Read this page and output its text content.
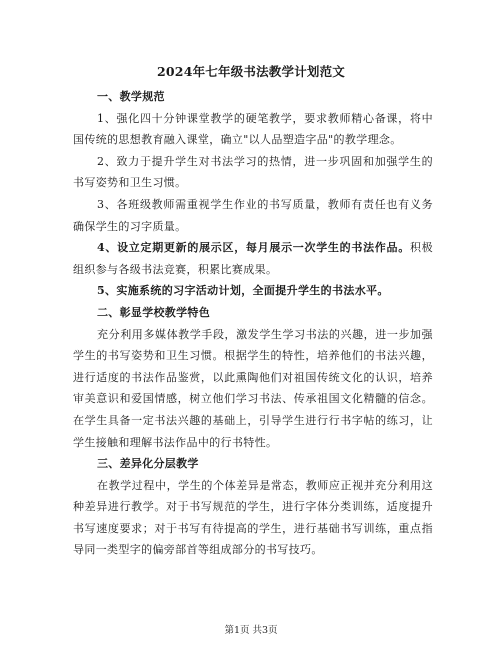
2024年七年级书法教学计划范文

一、教学规范

1、强化四十分钟课堂教学的硬笔教学，要求教师精心备课，将中国传统的思想教育融入课堂，确立"以人品塑造字品"的教学理念。

2、致力于提升学生对书法学习的热情，进一步巩固和加强学生的书写姿势和卫生习惯。

3、各班级教师需重视学生作业的书写质量，教师有责任也有义务确保学生的习字质量。

4、设立定期更新的展示区，每月展示一次学生的书法作品。积极组织参与各级书法竞赛，积累比赛成果。

5、实施系统的习字活动计划，全面提升学生的书法水平。

二、彰显学校教学特色

充分利用多媒体教学手段，激发学生学习书法的兴趣，进一步加强学生的书写姿势和卫生习惯。根据学生的特性，培养他们的书法兴趣，进行适度的书法作品鉴赏，以此熏陶他们对祖国传统文化的认识，培养审美意识和爱国情感，树立他们学习书法、传承祖国文化精髓的信念。在学生具备一定书法兴趣的基础上，引导学生进行行书字帖的练习，让学生接触和理解书法作品中的行书特性。

三、差异化分层教学

在教学过程中，学生的个体差异是常态，教师应正视并充分利用这种差异进行教学。对于书写规范的学生，进行字体分类训练，适度提升书写速度要求；对于书写有待提高的学生，进行基础书写训练，重点指导同一类型字的偏旁部首等组成部分的书写技巧。

第1页 共3页
